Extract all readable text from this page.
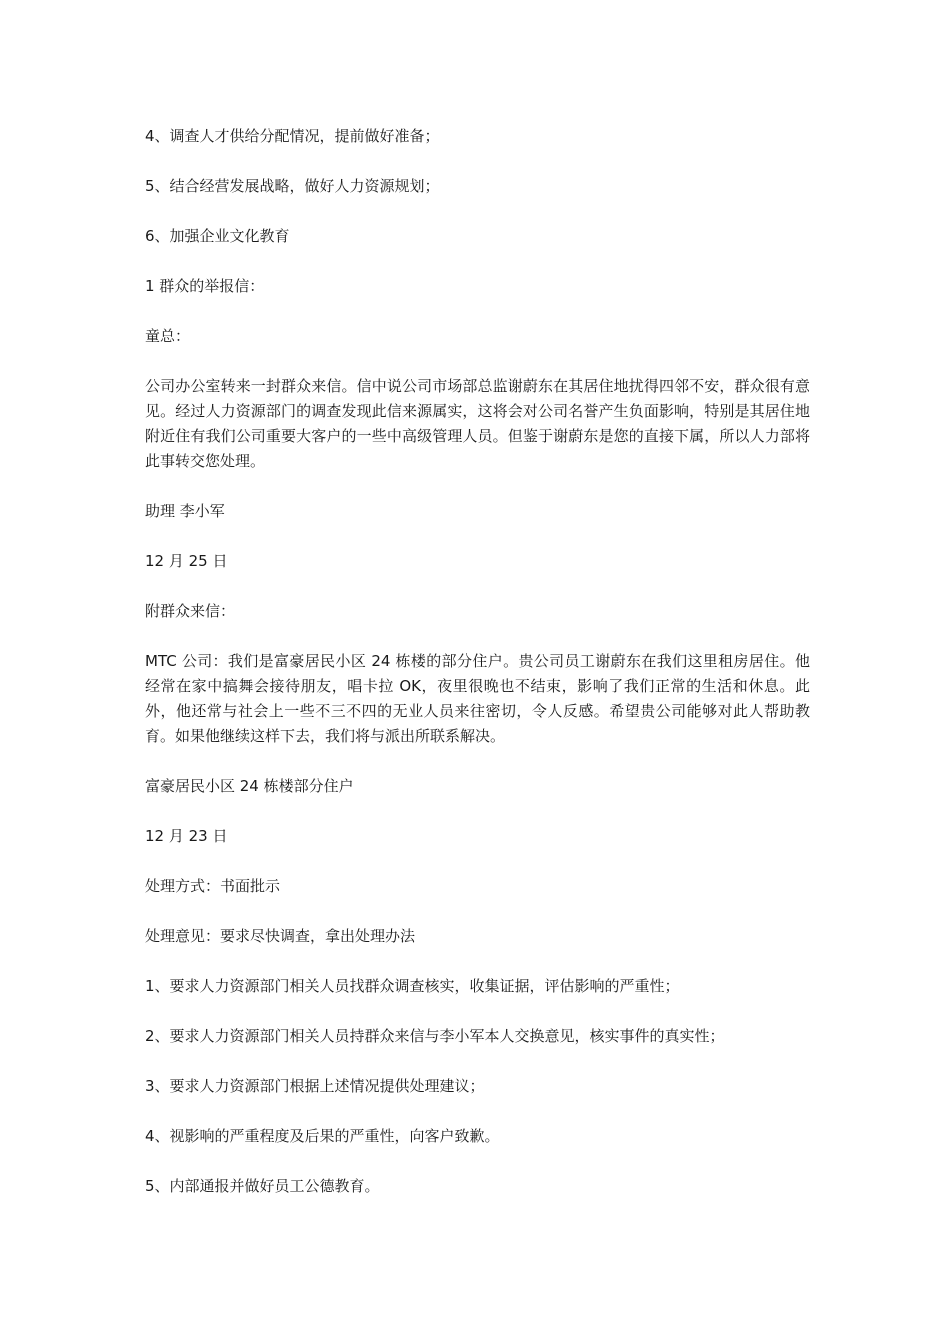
4、调查人才供给分配情况，提前做好准备；

5、结合经营发展战略，做好人力资源规划；

6、加强企业文化教育

1 群众的举报信：

童总：

公司办公室转来一封群众来信。信中说公司市场部总监谢蔚东在其居住地扰得四邻不安，群众很有意见。经过人力资源部门的调查发现此信来源属实，这将会对公司名誉产生负面影响，特别是其居住地附近住有我们公司重要大客户的一些中高级管理人员。但鉴于谢蔚东是您的直接下属，所以人力部将此事转交您处理。

助理 李小军

12 月 25 日

附群众来信：

MTC 公司：我们是富豪居民小区 24 栋楼的部分住户。贵公司员工谢蔚东在我们这里租房居住。他经常在家中搞舞会接待朋友，唱卡拉 OK，夜里很晚也不结束，影响了我们正常的生活和休息。此外，他还常与社会上一些不三不四的无业人员来往密切，令人反感。希望贵公司能够对此人帮助教育。如果他继续这样下去，我们将与派出所联系解决。

富豪居民小区 24 栋楼部分住户

12 月 23 日

处理方式：书面批示

处理意见：要求尽快调查，拿出处理办法

1、要求人力资源部门相关人员找群众调查核实，收集证据，评估影响的严重性；

2、要求人力资源部门相关人员持群众来信与李小军本人交换意见，核实事件的真实性；

3、要求人力资源部门根据上述情况提供处理建议；

4、视影响的严重程度及后果的严重性，向客户致歉。

5、内部通报并做好员工公德教育。
